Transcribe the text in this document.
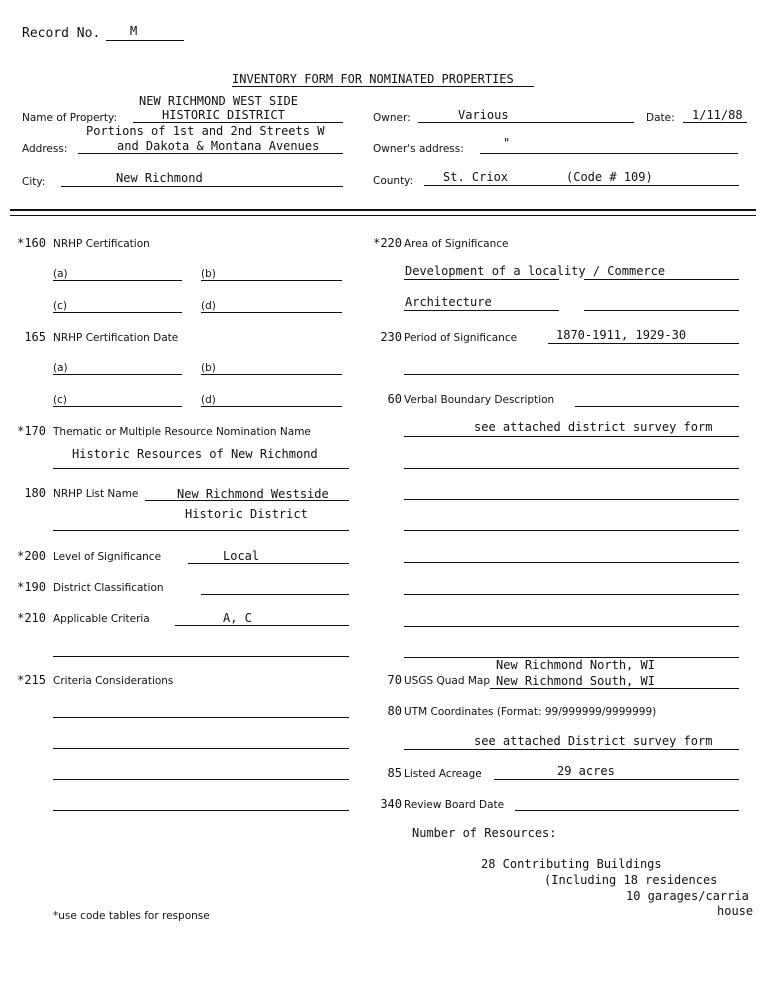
Record No. M
INVENTORY FORM FOR NOMINATED PROPERTIES
NEW RICHMOND WEST SIDE
Name of Property:	HISTORIC DISTRICT
Portions of 1st and 2nd Streets W
Address:	and Dakota & Montana Avenues
City:	New Richmond
Owner:	Various	Date: 1/11/88
Owner's address:	"
County: St. Criox	(Code # 109)
*160 NRHP Certification
(a)	(b)
(c)	(d)
165 NRHP Certification Date
(a)	(b)
(c)	(d)
*170 Thematic or Multiple Resource Nomination Name
Historic Resources of New Richmond
180 NRHP List Name	New Richmond Westside
Historic District
*200 Level of Significance	Local
*190 District Classification
*210 Applicable Criteria	A, C
*215 Criteria Considerations
*220 Area of Significance
Development of a locality / Commerce
Architecture
230 Period of Significance	1870-1911, 1929-30
60 Verbal Boundary Description
see attached district survey form
New Richmond North, WI
70 USGS Quad Map New Richmond South, WI
80 UTM Coordinates (Format: 99/999999/9999999)
see attached District survey form
85 Listed Acreage	29 acres
340 Review Board Date
Number of Resources:
28 Contributing Buildings
(Including 18 residences
10 garages/carria
house
*use code tables for response
